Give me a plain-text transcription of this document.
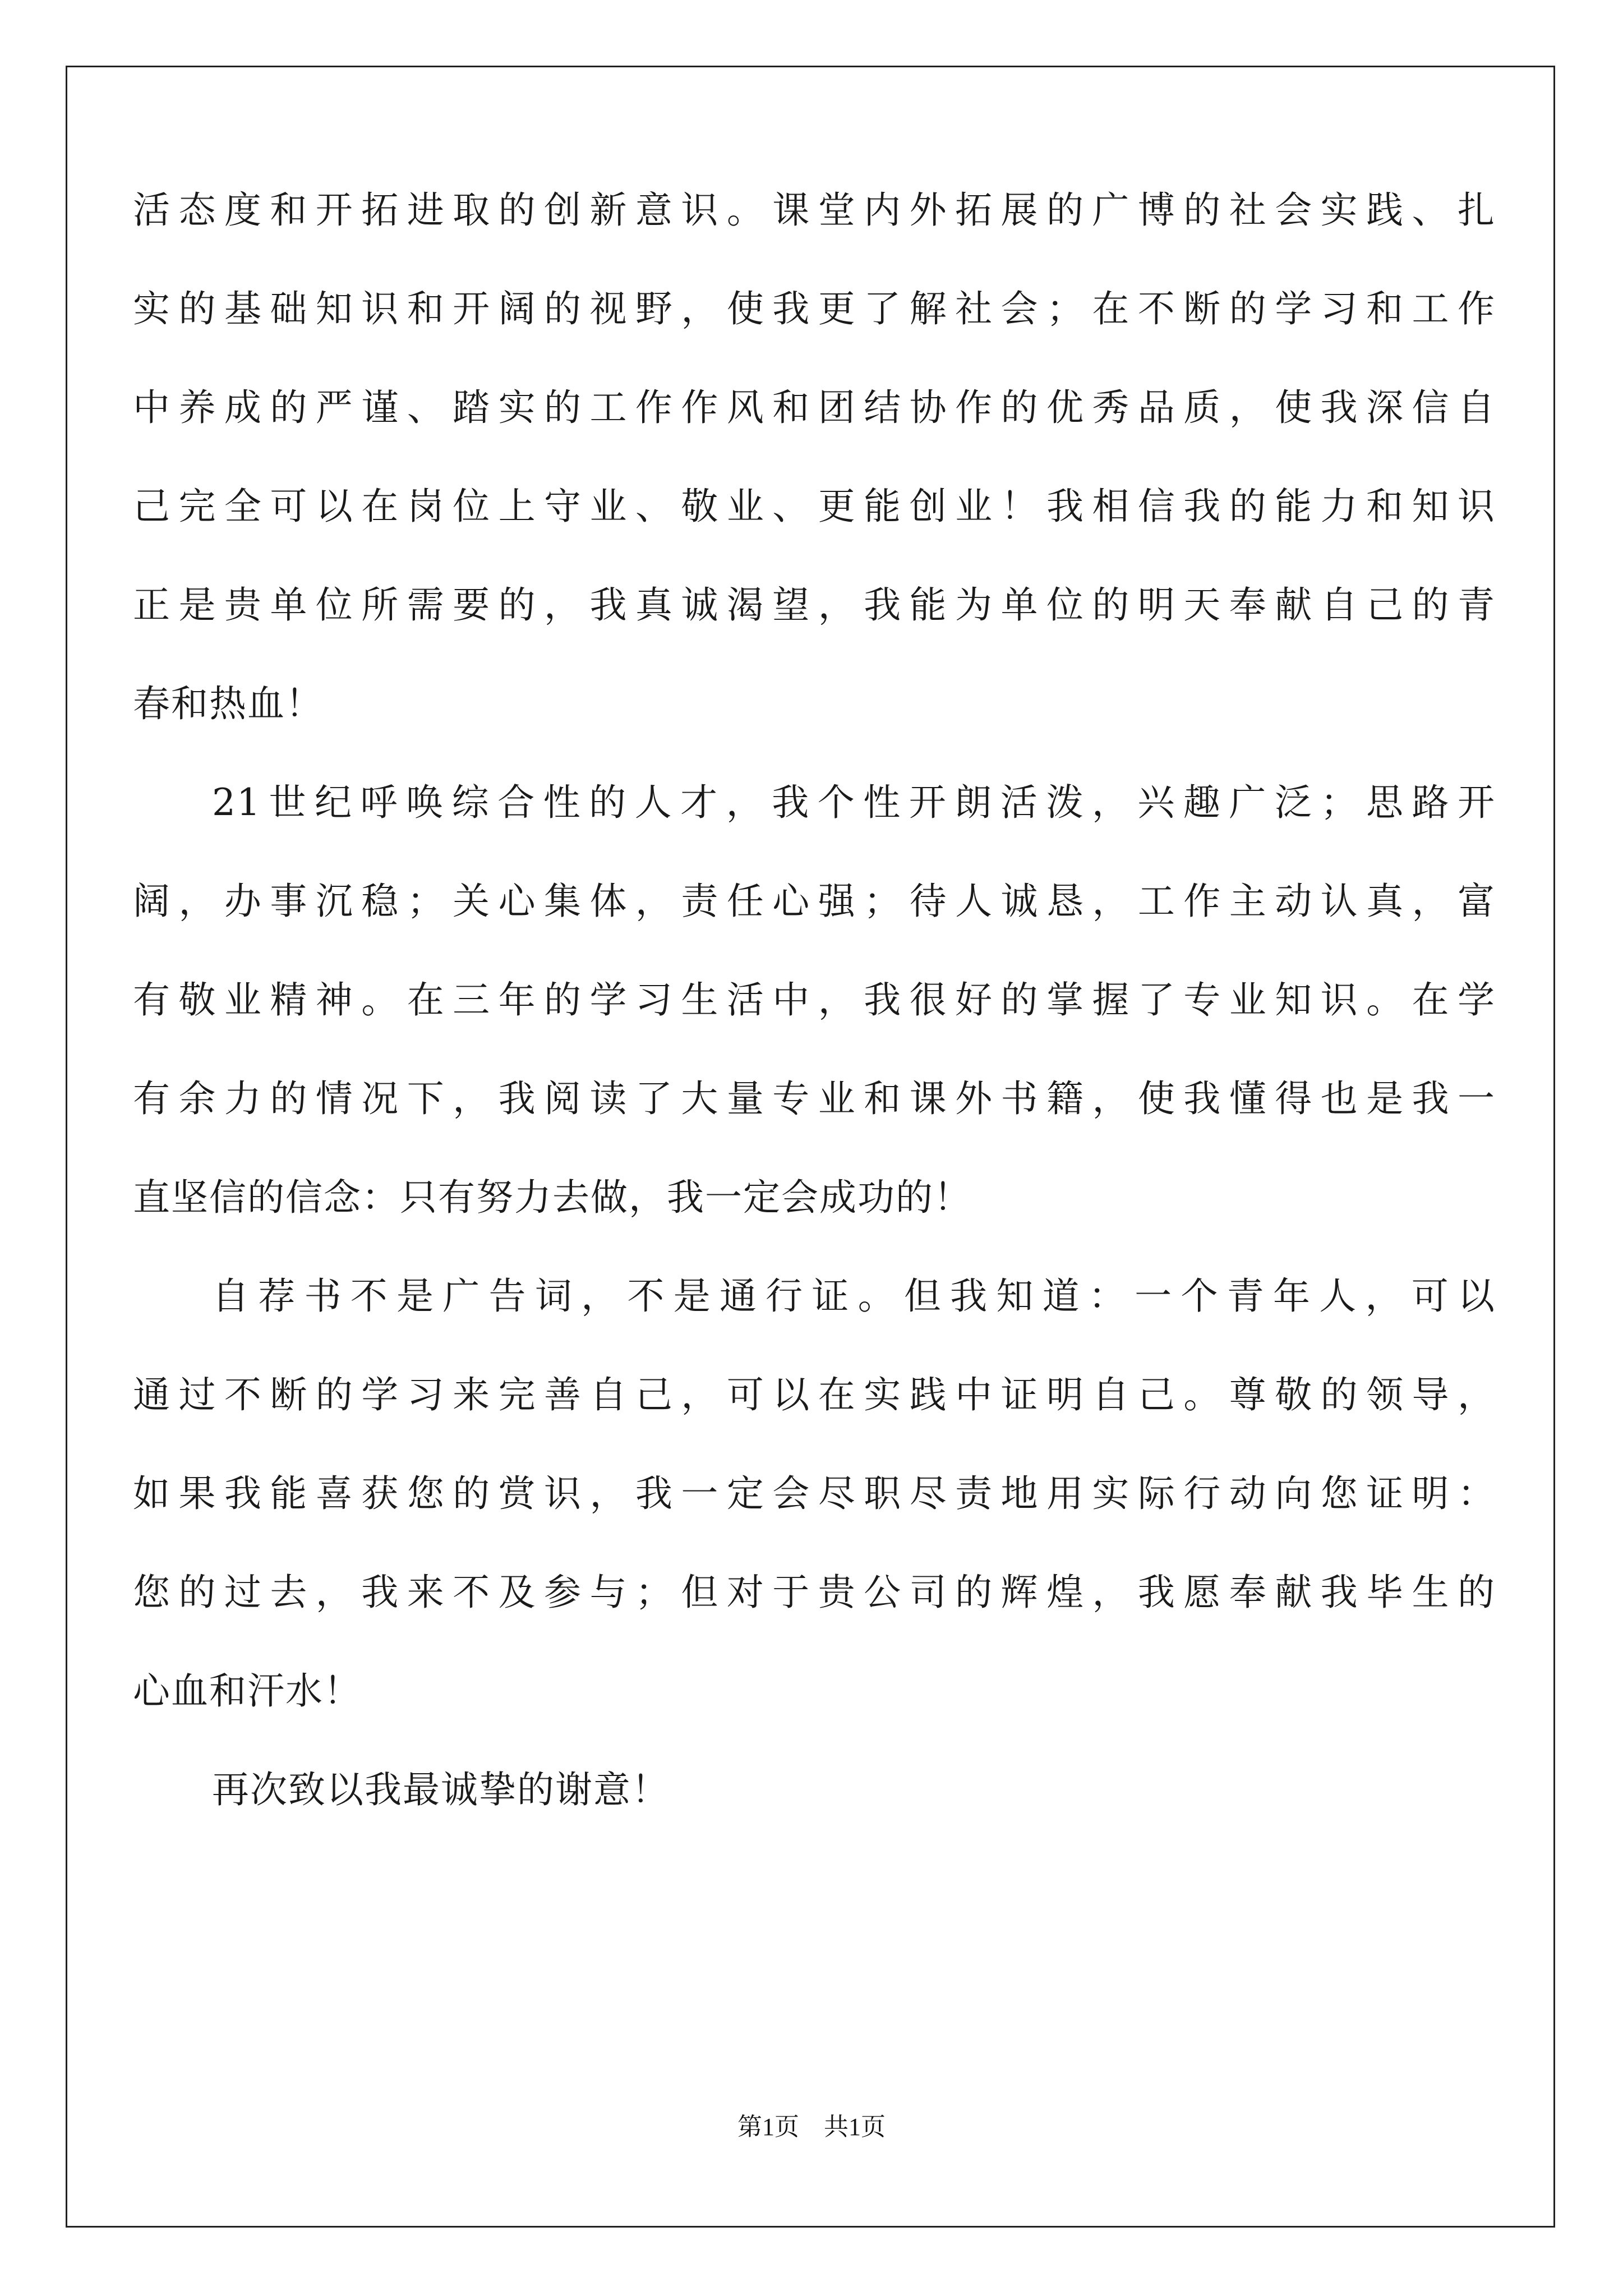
活态度和开拓进取的创新意识。课堂内外拓展的广博的社会实践、扎
实的基础知识和开阔的视野，使我更了解社会；在不断的学习和工作
中养成的严谨、踏实的工作作风和团结协作的优秀品质，使我深信自
己完全可以在岗位上守业、敬业、更能创业！我相信我的能力和知识
正是贵单位所需要的，我真诚渴望，我能为单位的明天奉献自己的青
春和热血！
21世纪呼唤综合性的人才，我个性开朗活泼，兴趣广泛；思路开
阔，办事沉稳；关心集体，责任心强；待人诚恳，工作主动认真，富
有敬业精神。在三年的学习生活中，我很好的掌握了专业知识。在学
有余力的情况下，我阅读了大量专业和课外书籍，使我懂得也是我一
直坚信的信念：只有努力去做，我一定会成功的！
自荐书不是广告词，不是通行证。但我知道：一个青年人，可以
通过不断的学习来完善自己，可以在实践中证明自己。尊敬的领导，
如果我能喜获您的赏识，我一定会尽职尽责地用实际行动向您证明：
您的过去，我来不及参与；但对于贵公司的辉煌，我愿奉献我毕生的
心血和汗水！
再次致以我最诚挚的谢意！
第1页 共1页
